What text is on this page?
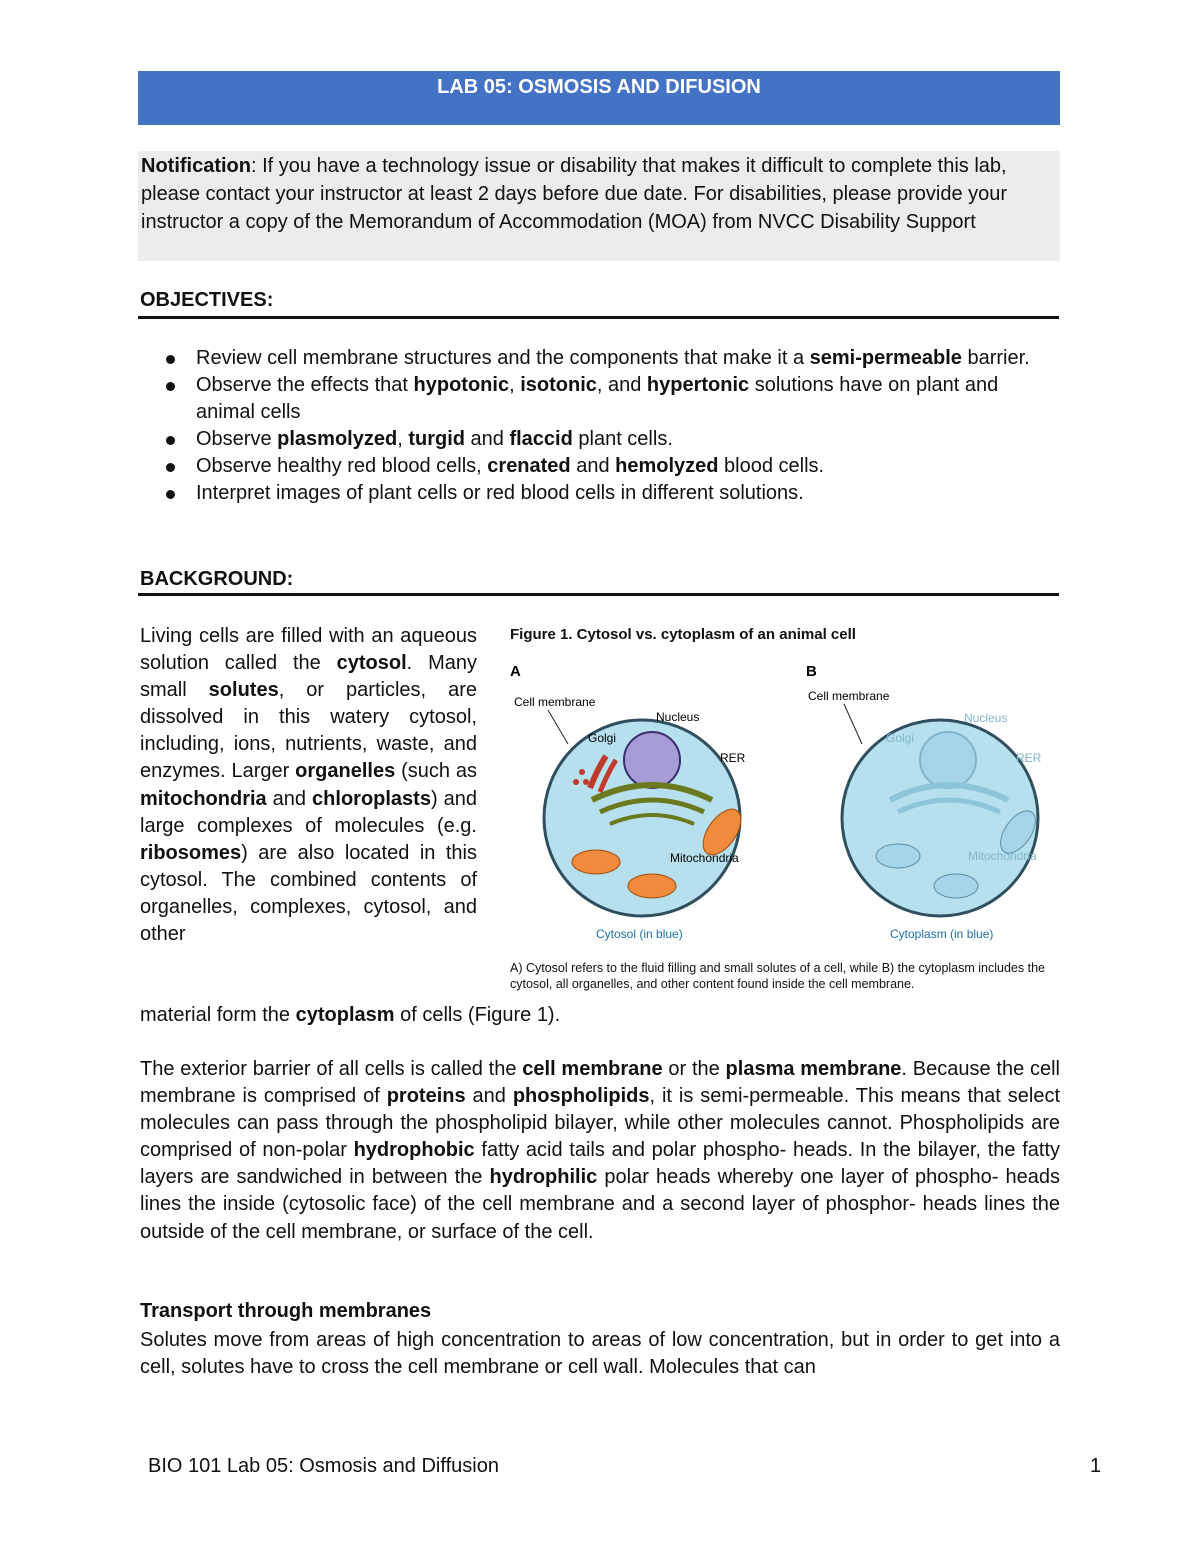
LAB 05: OSMOSIS AND DIFUSION
Notification: If you have a technology issue or disability that makes it difficult to complete this lab, please contact your instructor at least 2 days before due date. For disabilities, please provide your instructor a copy of the Memorandum of Accommodation (MOA) from NVCC Disability Support
OBJECTIVES:
Review cell membrane structures and the components that make it a semi-permeable barrier.
Observe the effects that hypotonic, isotonic, and hypertonic solutions have on plant and animal cells
Observe plasmolyzed, turgid and flaccid plant cells.
Observe healthy red blood cells, crenated and hemolyzed blood cells.
Interpret images of plant cells or red blood cells in different solutions.
BACKGROUND:
Living cells are filled with an aqueous solution called the cytosol. Many small solutes, or particles, are dissolved in this watery cytosol, including, ions, nutrients, waste, and enzymes. Larger organelles (such as mitochondria and chloroplasts) and large complexes of molecules (e.g. ribosomes) are also located in this cytosol. The combined contents of organelles, complexes, cytosol, and other
material form the cytoplasm of cells (Figure 1).
Figure 1. Cytosol vs. cytoplasm of an animal cell
A
Cell membrane
Nucleus
Golgi
RER
Mitochondria
Cytosol (in blue)
B
Cell membrane
Nucleus
Golgi
RER
Mitochondria
Cytoplasm (in blue)
A) Cytosol refers to the fluid filling and small solutes of a cell, while B) the cytoplasm includes the cytosol, all organelles, and other content found inside the cell membrane.
The exterior barrier of all cells is called the cell membrane or the plasma membrane. Because the cell membrane is comprised of proteins and phospholipids, it is semi-permeable. This means that select molecules can pass through the phospholipid bilayer, while other molecules cannot. Phospholipids are comprised of non-polar hydrophobic fatty acid tails and polar phospho- heads. In the bilayer, the fatty layers are sandwiched in between the hydrophilic polar heads whereby one layer of phospho- heads lines the inside (cytosolic face) of the cell membrane and a second layer of phosphor- heads lines the outside of the cell membrane, or surface of the cell.
Transport through membranes
Solutes move from areas of high concentration to areas of low concentration, but in order to get into a cell, solutes have to cross the cell membrane or cell wall. Molecules that can
BIO 101 Lab 05: Osmosis and Diffusion	1
